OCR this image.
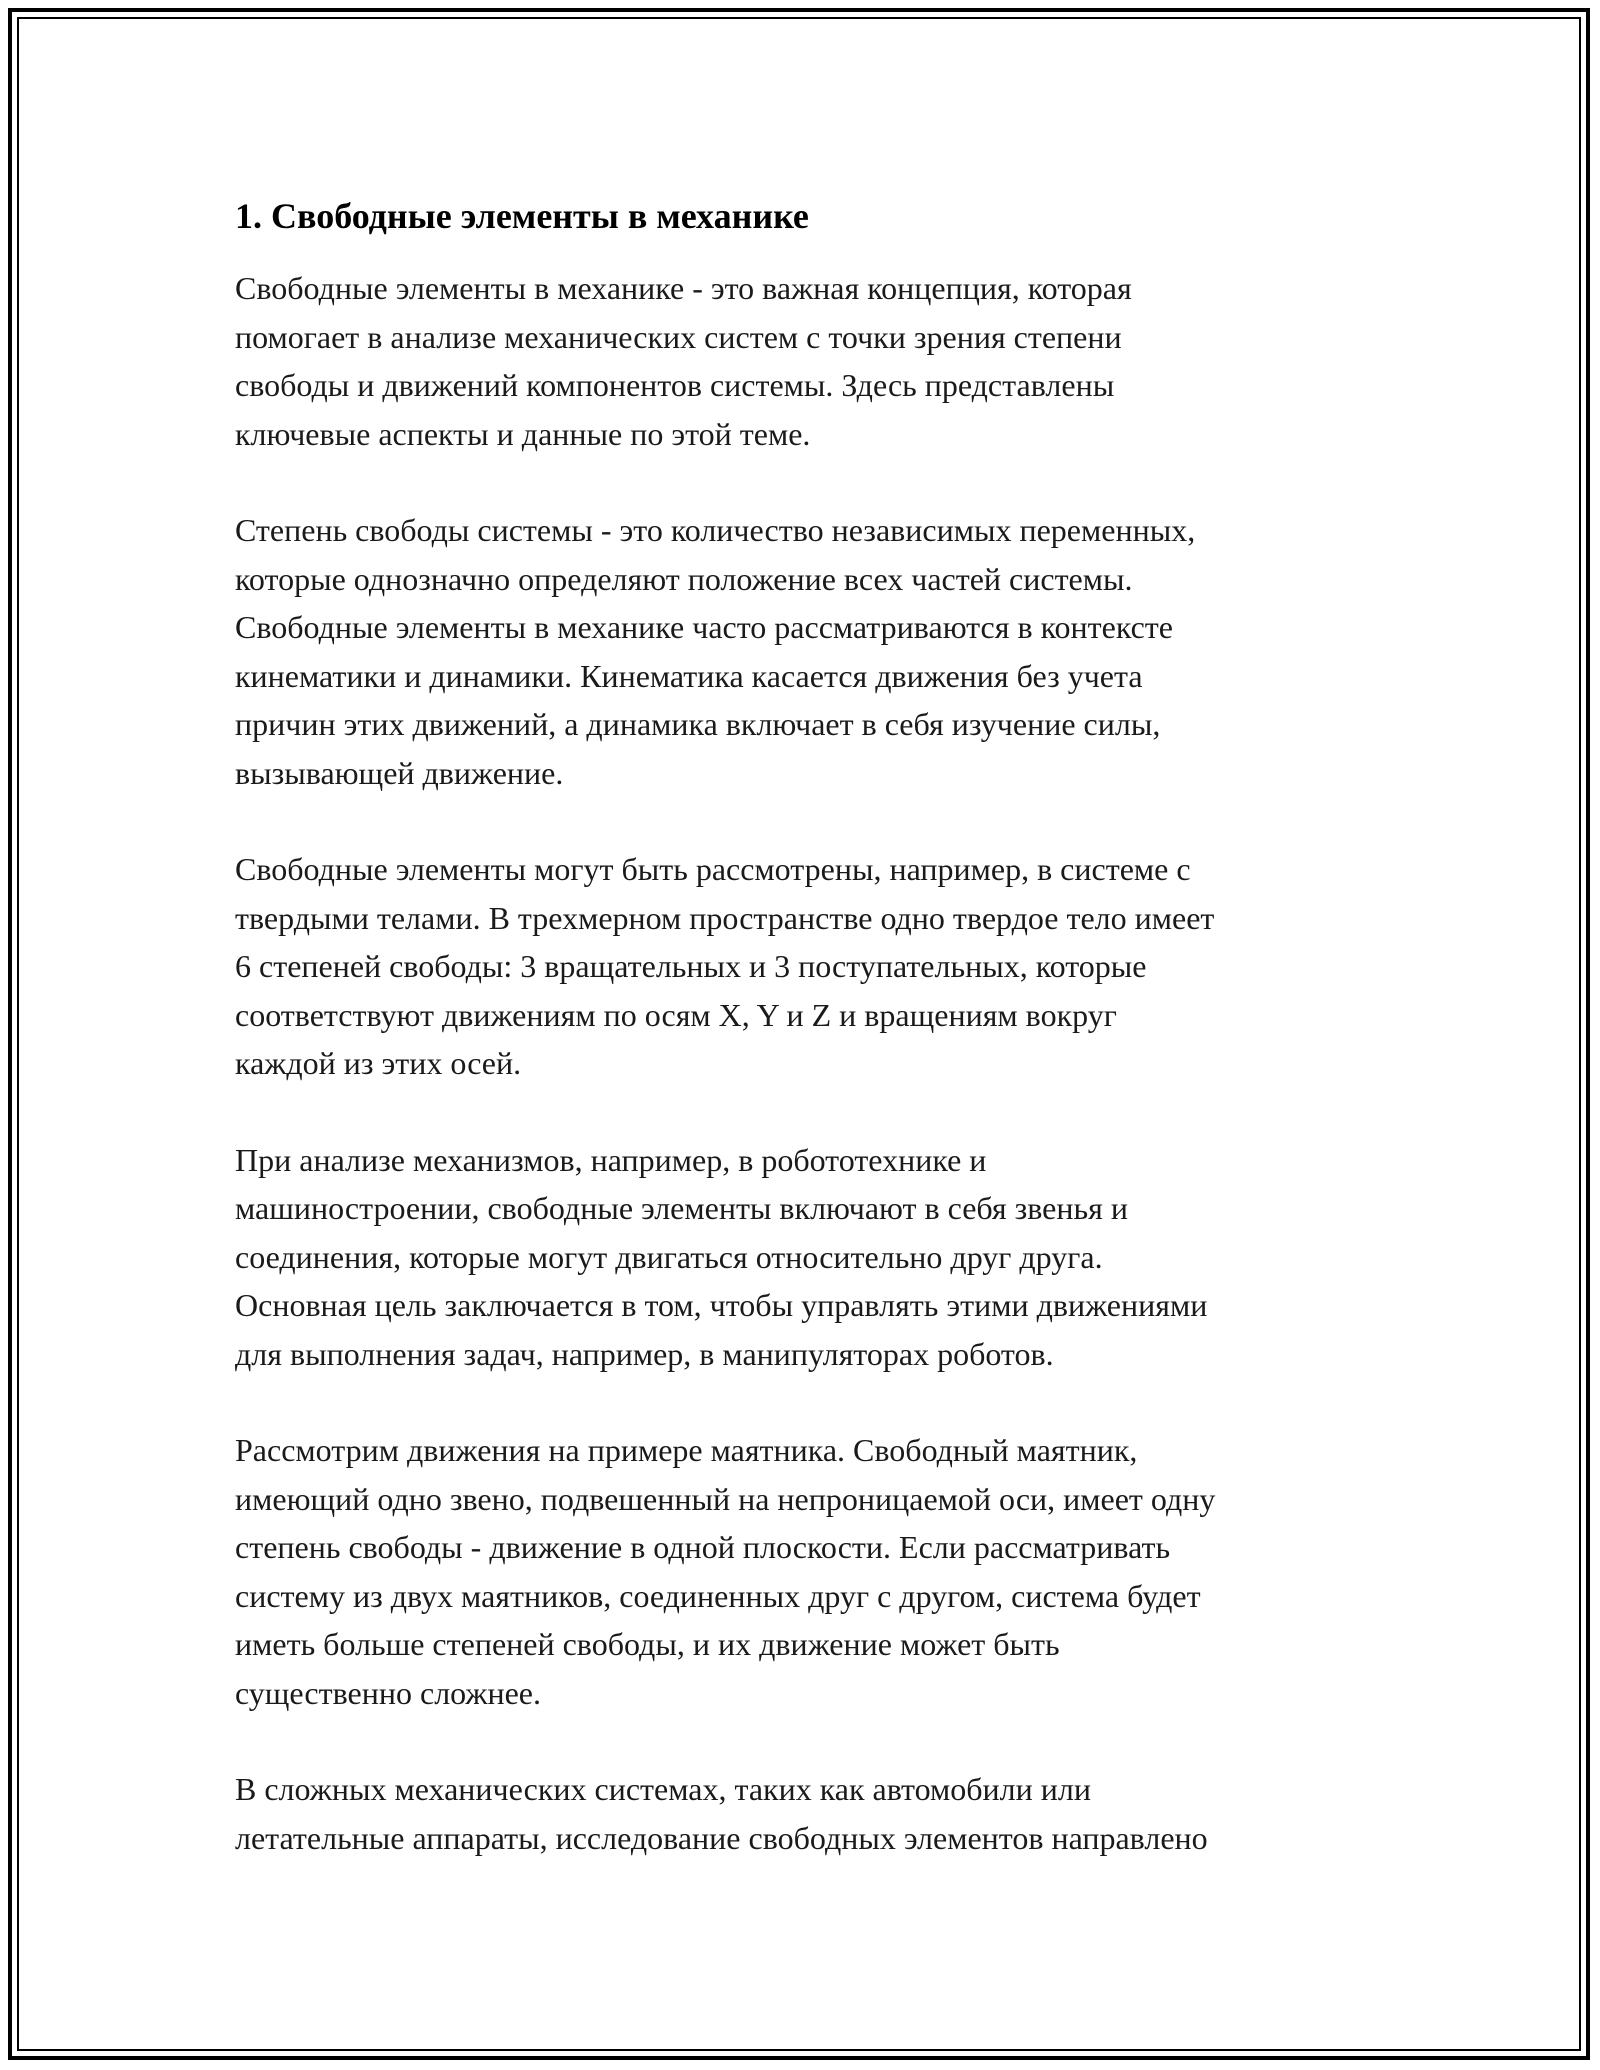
1. Свободные элементы в механике

Свободные элементы в механике - это важная концепция, которая
помогает в анализе механических систем с точки зрения степени
свободы и движений компонентов системы. Здесь представлены
ключевые аспекты и данные по этой теме.

Степень свободы системы - это количество независимых переменных,
которые однозначно определяют положение всех частей системы.
Свободные элементы в механике часто рассматриваются в контексте
кинематики и динамики. Кинематика касается движения без учета
причин этих движений, а динамика включает в себя изучение силы,
вызывающей движение.

Свободные элементы могут быть рассмотрены, например, в системе с
твердыми телами. В трехмерном пространстве одно твердое тело имеет
6 степеней свободы: 3 вращательных и 3 поступательных, которые
соответствуют движениям по осям X, Y и Z и вращениям вокруг
каждой из этих осей.

При анализе механизмов, например, в робототехнике и
машиностроении, свободные элементы включают в себя звенья и
соединения, которые могут двигаться относительно друг друга.
Основная цель заключается в том, чтобы управлять этими движениями
для выполнения задач, например, в манипуляторах роботов.

Рассмотрим движения на примере маятника. Свободный маятник,
имеющий одно звено, подвешенный на непроницаемой оси, имеет одну
степень свободы - движение в одной плоскости. Если рассматривать
систему из двух маятников, соединенных друг с другом, система будет
иметь больше степеней свободы, и их движение может быть
существенно сложнее.

В сложных механических системах, таких как автомобили или
летательные аппараты, исследование свободных элементов направлено
